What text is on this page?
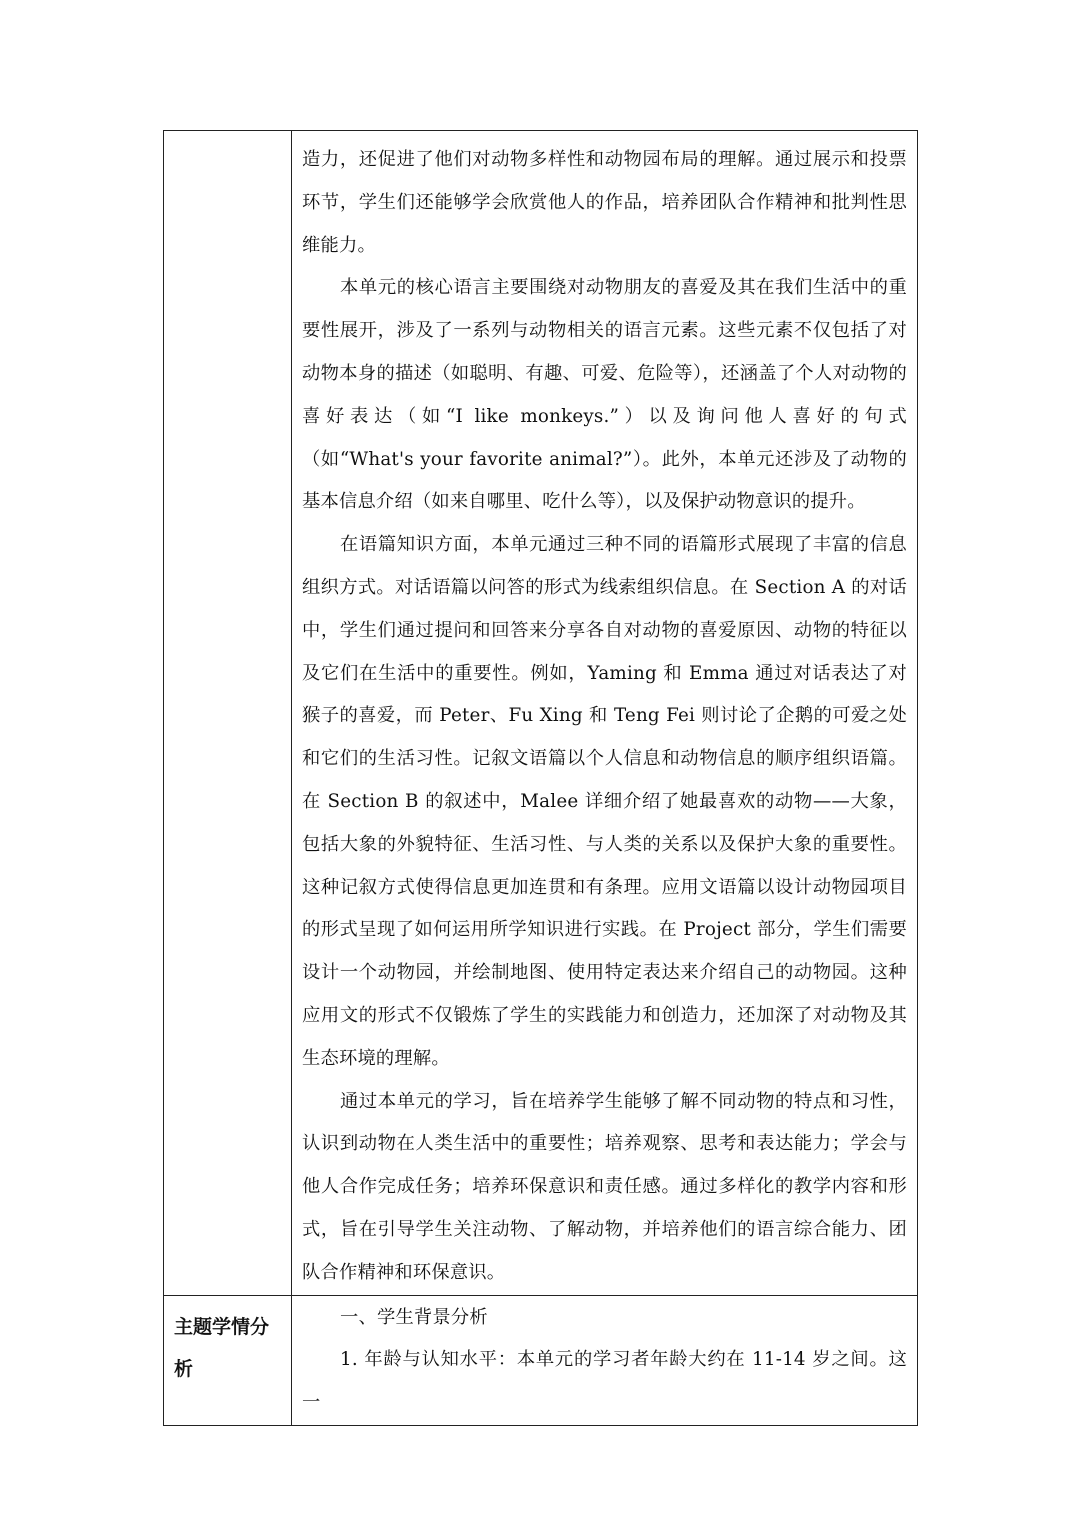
	造力，还促进了他们对动物多样性和动物园布局的理解。通过展示和投票环节，学生们还能够学会欣赏他人的作品，培养团队合作精神和批判性思维能力。

本单元的核心语言主要围绕对动物朋友的喜爱及其在我们生活中的重要性展开，涉及了一系列与动物相关的语言元素。这些元素不仅包括了对动物本身的描述（如聪明、有趣、可爱、危险等），还涵盖了个人对动物的喜好表达（如“I like monkeys.”）以及询问他人喜好的句式（如“What's your favorite animal?”）。此外，本单元还涉及了动物的基本信息介绍（如来自哪里、吃什么等），以及保护动物意识的提升。

在语篇知识方面，本单元通过三种不同的语篇形式展现了丰富的信息组织方式。对话语篇以问答的形式为线索组织信息。在 Section A 的对话中，学生们通过提问和回答来分享各自对动物的喜爱原因、动物的特征以及它们在生活中的重要性。例如，Yaming 和 Emma 通过对话表达了对猴子的喜爱，而 Peter、Fu Xing 和 Teng Fei 则讨论了企鹅的可爱之处和它们的生活习性。记叙文语篇以个人信息和动物信息的顺序组织语篇。在 Section B 的叙述中，Malee 详细介绍了她最喜欢的动物——大象，包括大象的外貌特征、生活习性、与人类的关系以及保护大象的重要性。这种记叙方式使得信息更加连贯和有条理。应用文语篇以设计动物园项目的形式呈现了如何运用所学知识进行实践。在 Project 部分，学生们需要设计一个动物园，并绘制地图、使用特定表达来介绍自己的动物园。这种应用文的形式不仅锻炼了学生的实践能力和创造力，还加深了对动物及其生态环境的理解。

通过本单元的学习，旨在培养学生能够了解不同动物的特点和习性，认识到动物在人类生活中的重要性；培养观察、思考和表达能力；学会与他人合作完成任务；培养环保意识和责任感。通过多样化的教学内容和形式，旨在引导学生关注动物、了解动物，并培养他们的语言综合能力、团队合作精神和环保意识。

主题学情分析	一、学生背景分析

1. 年龄与认知水平：本单元的学习者年龄大约在 11-14 岁之间。这一
